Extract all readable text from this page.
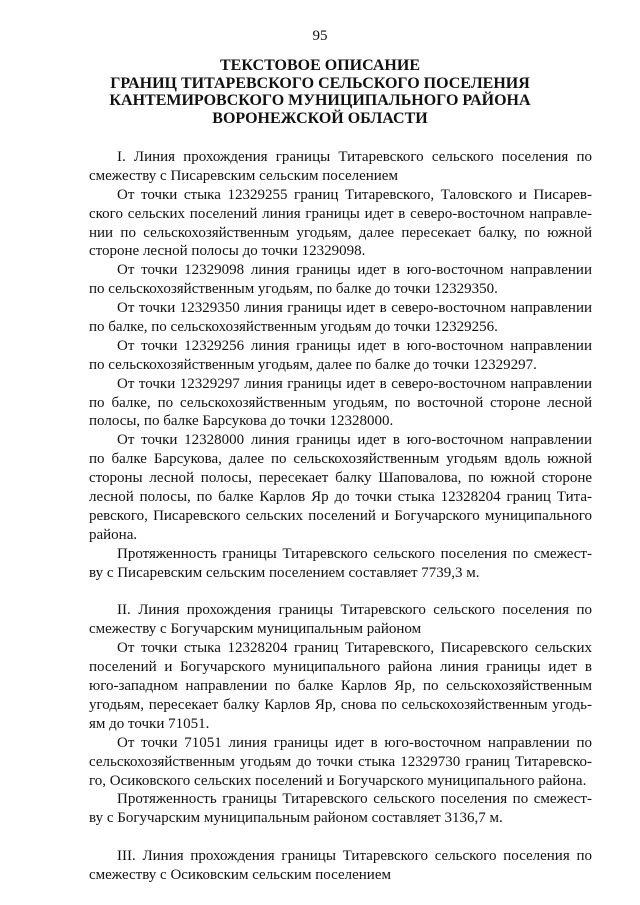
95
ТЕКСТОВОЕ ОПИСАНИЕ
ГРАНИЦ ТИТАРЕВСКОГО СЕЛЬСКОГО ПОСЕЛЕНИЯ
КАНТЕМИРОВСКОГО МУНИЦИПАЛЬНОГО РАЙОНА
ВОРОНЕЖСКОЙ ОБЛАСТИ
I. Линия прохождения границы Титаревского сельского поселения по
смежеству с Писаревским сельским поселением
От точки стыка 12329255 границ Титаревского, Таловского и Писарев-
ского сельских поселений линия границы идет в северо-восточном направле-
нии по сельскохозяйственным угодьям, далее пересекает балку, по южной
стороне лесной полосы до точки 12329098.
От точки 12329098 линия границы идет в юго-восточном направлении
по сельскохозяйственным угодьям, по балке до точки 12329350.
От точки 12329350 линия границы идет в северо-восточном направлении
по балке, по сельскохозяйственным угодьям до точки 12329256.
От точки 12329256 линия границы идет в юго-восточном направлении
по сельскохозяйственным угодьям, далее по балке до точки 12329297.
От точки 12329297 линия границы идет в северо-восточном направлении
по балке, по сельскохозяйственным угодьям, по восточной стороне лесной
полосы, по балке Барсукова до точки 12328000.
От точки 12328000 линия границы идет в юго-восточном направлении
по балке Барсукова, далее по сельскохозяйственным угодьям вдоль южной
стороны лесной полосы, пересекает балку Шаповалова, по южной стороне
лесной полосы, по балке Карлов Яр до точки стыка 12328204 границ Тита-
ревского, Писаревского сельских поселений и Богучарского муниципального
района.
Протяженность границы Титаревского сельского поселения по смежест-
ву с Писаревским сельским поселением составляет 7739,3 м.
II. Линия прохождения границы Титаревского сельского поселения по
смежеству с Богучарским муниципальным районом
От точки стыка 12328204 границ Титаревского, Писаревского сельских
поселений и Богучарского муниципального района линия границы идет в
юго-западном направлении по балке Карлов Яр, по сельскохозяйственным
угодьям, пересекает балку Карлов Яр, снова по сельскохозяйственным угодь-
ям до точки 71051.
От точки 71051 линия границы идет в юго-восточном направлении по
сельскохозяйственным угодьям до точки стыка 12329730 границ Титаревско-
го, Осиковского сельских поселений и Богучарского муниципального района.
Протяженность границы Титаревского сельского поселения по смежест-
ву с Богучарским муниципальным районом составляет 3136,7 м.
III. Линия прохождения границы Титаревского сельского поселения по
смежеству с Осиковским сельским поселением
